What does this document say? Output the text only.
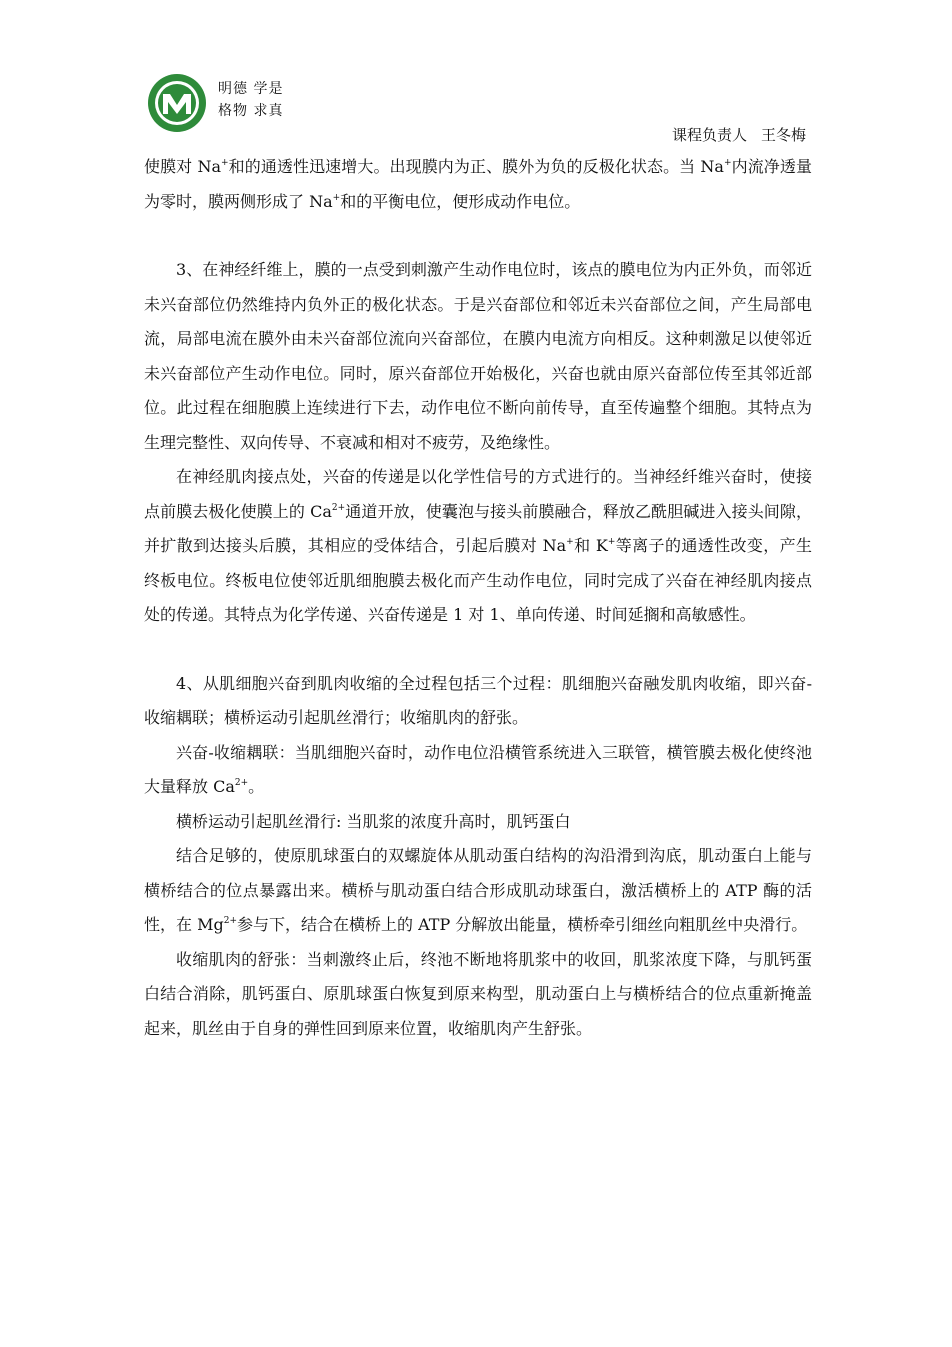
明德 学是
格物 求真
课程负责人 王冬梅

使膜对 Na+和的通透性迅速增大。出现膜内为正、膜外为负的反极化状态。当 Na+内流净透量为零时，膜两侧形成了 Na+和的平衡电位，便形成动作电位。

3、在神经纤维上，膜的一点受到刺激产生动作电位时，该点的膜电位为内正外负，而邻近未兴奋部位仍然维持内负外正的极化状态。于是兴奋部位和邻近未兴奋部位之间，产生局部电流，局部电流在膜外由未兴奋部位流向兴奋部位，在膜内电流方向相反。这种刺激足以使邻近未兴奋部位产生动作电位。同时，原兴奋部位开始极化，兴奋也就由原兴奋部位传至其邻近部位。此过程在细胞膜上连续进行下去，动作电位不断向前传导，直至传遍整个细胞。其特点为生理完整性、双向传导、不衰减和相对不疲劳，及绝缘性。

在神经肌肉接点处，兴奋的传递是以化学性信号的方式进行的。当神经纤维兴奋时，使接点前膜去极化使膜上的 $Ca^{2+}$通道开放，使囊泡与接头前膜融合，释放乙酰胆碱进入接头间隙，并扩散到达接头后膜，其相应的受体结合，引起后膜对 Na+和 K+等离子的通透性改变，产生终板电位。终板电位使邻近肌细胞膜去极化而产生动作电位，同时完成了兴奋在神经肌肉接点处的传递。其特点为化学传递、兴奋传递是 1 对 1、单向传递、时间延搁和高敏感性。

4、从肌细胞兴奋到肌肉收缩的全过程包括三个过程：肌细胞兴奋融发肌肉收缩，即兴奋-收缩耦联；横桥运动引起肌丝滑行；收缩肌肉的舒张。

兴奋-收缩耦联：当肌细胞兴奋时，动作电位沿横管系统进入三联管，横管膜去极化使终池大量释放 $Ca^{2+}$。

横桥运动引起肌丝滑行: 当肌浆的浓度升高时，肌钙蛋白

结合足够的，使原肌球蛋白的双螺旋体从肌动蛋白结构的沟沿滑到沟底，肌动蛋白上能与横桥结合的位点暴露出来。横桥与肌动蛋白结合形成肌动球蛋白，激活横桥上的 ATP 酶的活性，在 $Mg^{2+}$参与下，结合在横桥上的 ATP 分解放出能量，横桥牵引细丝向粗肌丝中央滑行。

收缩肌肉的舒张：当刺激终止后，终池不断地将肌浆中的收回，肌浆浓度下降，与肌钙蛋白结合消除，肌钙蛋白、原肌球蛋白恢复到原来构型，肌动蛋白上与横桥结合的位点重新掩盖起来，肌丝由于自身的弹性回到原来位置，收缩肌肉产生舒张。
